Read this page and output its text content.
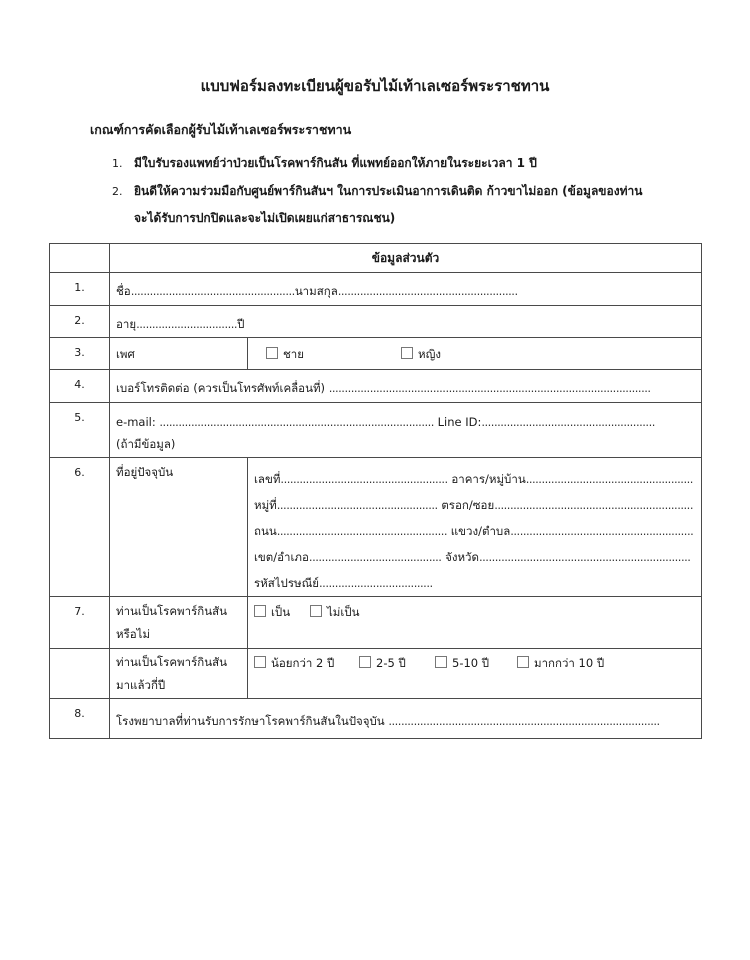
แบบฟอร์มลงทะเบียนผู้ขอรับไม้เท้าเลเซอร์พระราชทาน
เกณฑ์การคัดเลือกผู้รับไม้เท้าเลเซอร์พระราชทาน
1. มีใบรับรองแพทย์ว่าป่วยเป็นโรคพาร์กินสัน ที่แพทย์ออกให้ภายในระยะเวลา 1 ปี
2. ยินดีให้ความร่วมมือกับศูนย์พาร์กินสันฯ ในการประเมินอาการเดินติด ก้าวขาไม่ออก (ข้อมูลของท่าน
จะได้รับการปกปิดและจะไม่เปิดเผยแก่สาธารณชน)
	ข้อมูลส่วนตัว	
1.	ชื่อ....................................................นามสกุล.........................................................	

2.	อายุ................................ปี	

3.	เพศ	ชาย หญิง

4.	เบอร์โทรติดต่อ (ควรเป็นโทรศัพท์เคลื่อนที่) ......................................................................................................	

5.	e-mail: ....................................................................................... Line ID:.......................................................
(ถ้ามีข้อมูล)	

6.	ที่อยู่ปัจจุบัน	เลขที่..................................................... อาคาร/หมู่บ้าน.....................................................
หมู่ที่................................................... ตรอก/ซอย...............................................................
ถนน...................................................... แขวง/ตำบล..........................................................
เขต/อำเภอ.......................................... จังหวัด...................................................................
รหัสไปรษณีย์....................................

7.	ท่านเป็นโรคพาร์กินสัน
หรือไม่	เป็น ไม่เป็น

	ท่านเป็นโรคพาร์กินสัน
มาแล้วกี่ปี	น้อยกว่า 2 ปี 2-5 ปี 5-10 ปี มากกว่า 10 ปี

8.	โรงพยาบาลที่ท่านรับการรักษาโรคพาร์กินสันในปัจจุบัน ......................................................................................	
